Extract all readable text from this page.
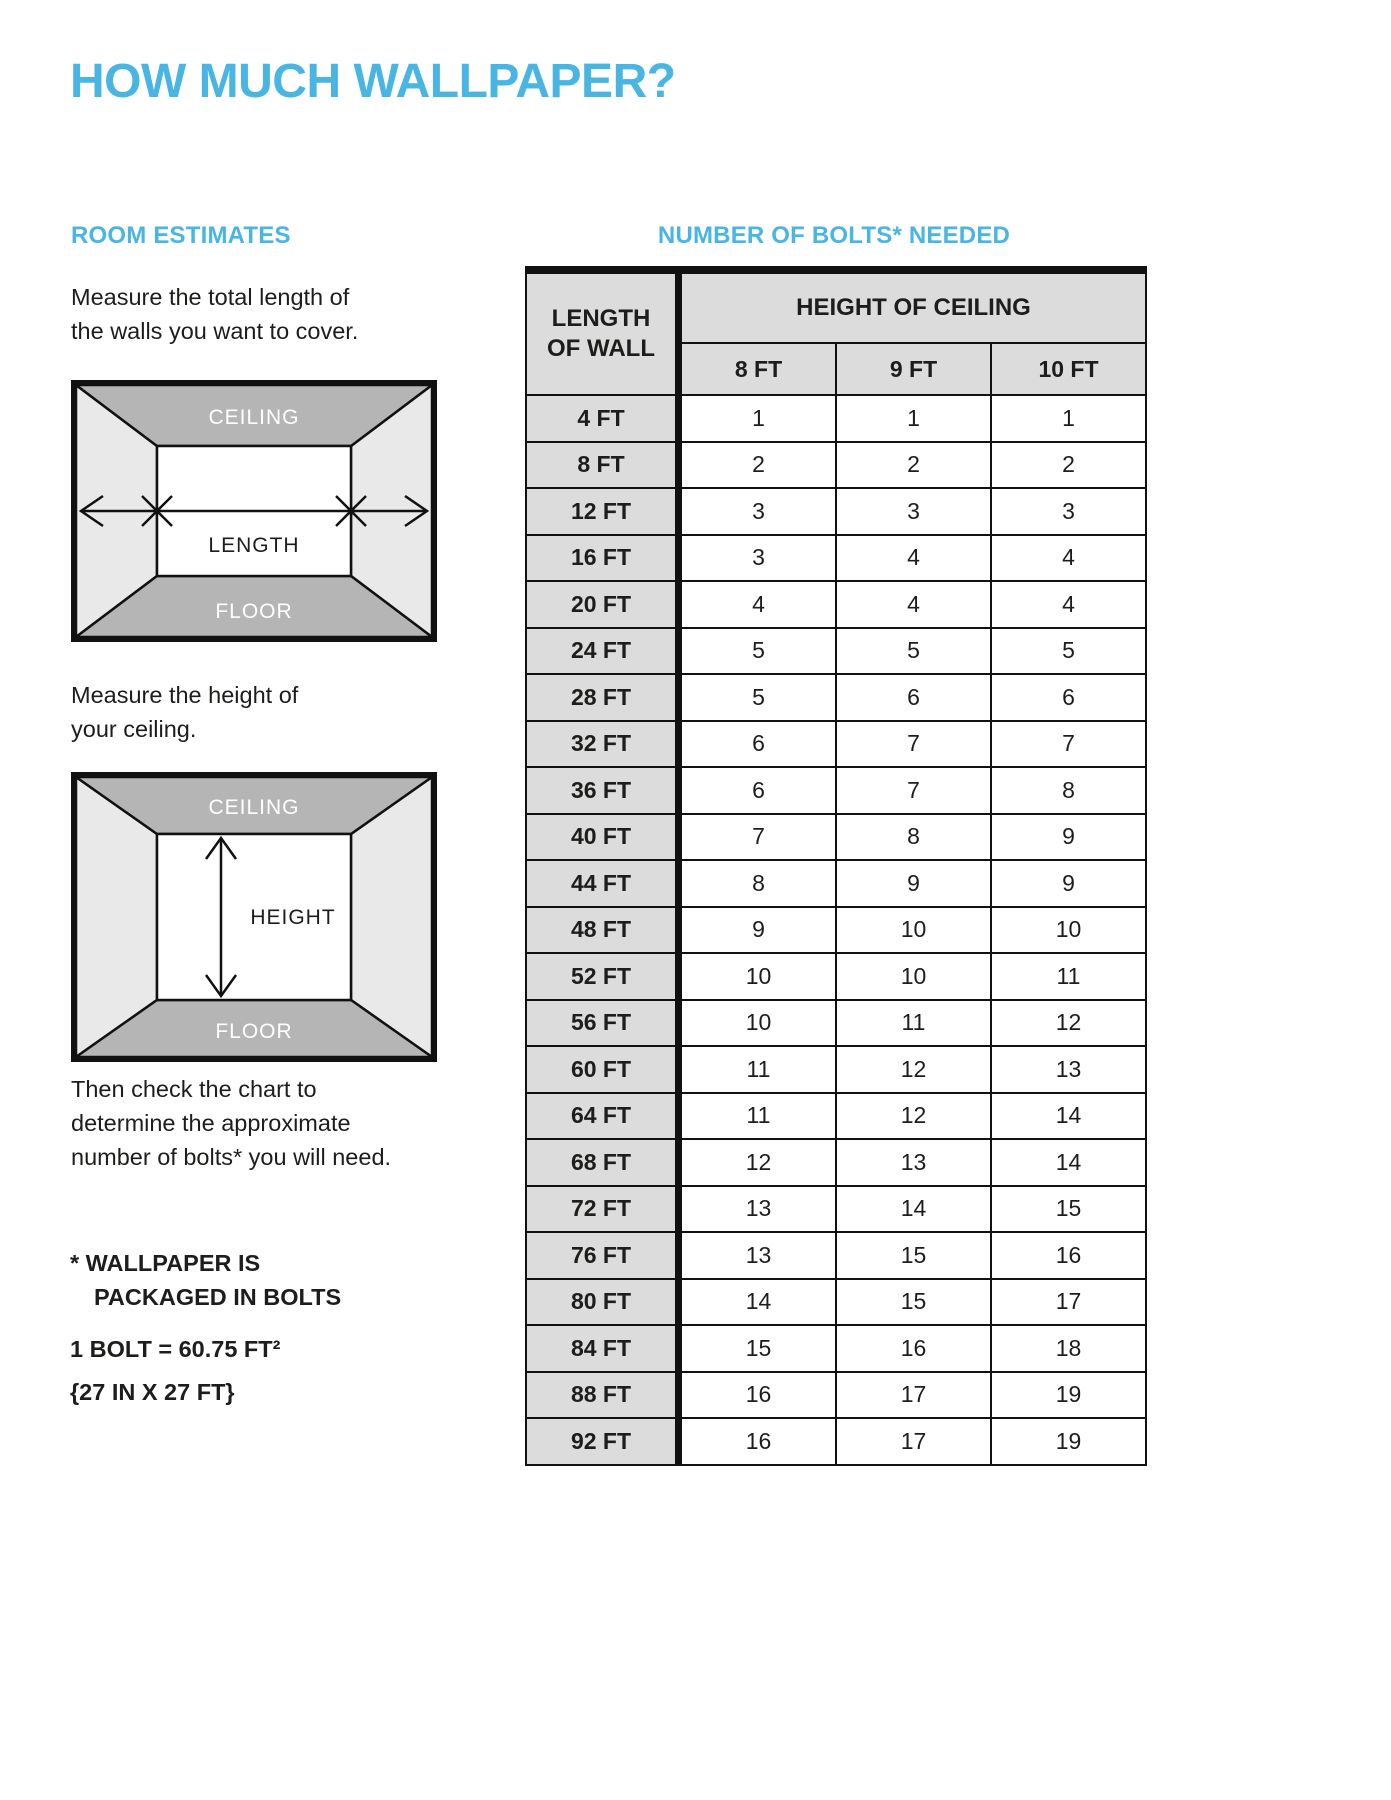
HOW MUCH WALLPAPER?
ROOM ESTIMATES

Measure the total length of
the walls you want to cover.

CEILING
LENGTH
FLOOR

Measure the height of
your ceiling.

CEILING
HEIGHT
FLOOR

Then check the chart to
determine the approximate
number of bolts* you will need.

* WALLPAPER IS
PACKAGED IN BOLTS

1 BOLT = 60.75 FT²
{27 IN X 27 FT}

NUMBER OF BOLTS* NEEDED
LENGTH
OF WALL	HEIGHT OF CEILING		
	8 FT	9 FT	10 FT
4 FT	1	1	1
8 FT	2	2	2
12 FT	3	3	3
16 FT	3	4	4
20 FT	4	4	4
24 FT	5	5	5
28 FT	5	6	6
32 FT	6	7	7
36 FT	6	7	8
40 FT	7	8	9
44 FT	8	9	9
48 FT	9	10	10
52 FT	10	10	11
56 FT	10	11	12
60 FT	11	12	13
64 FT	11	12	14
68 FT	12	13	14
72 FT	13	14	15
76 FT	13	15	16
80 FT	14	15	17
84 FT	15	16	18
88 FT	16	17	19
92 FT	16	17	19
